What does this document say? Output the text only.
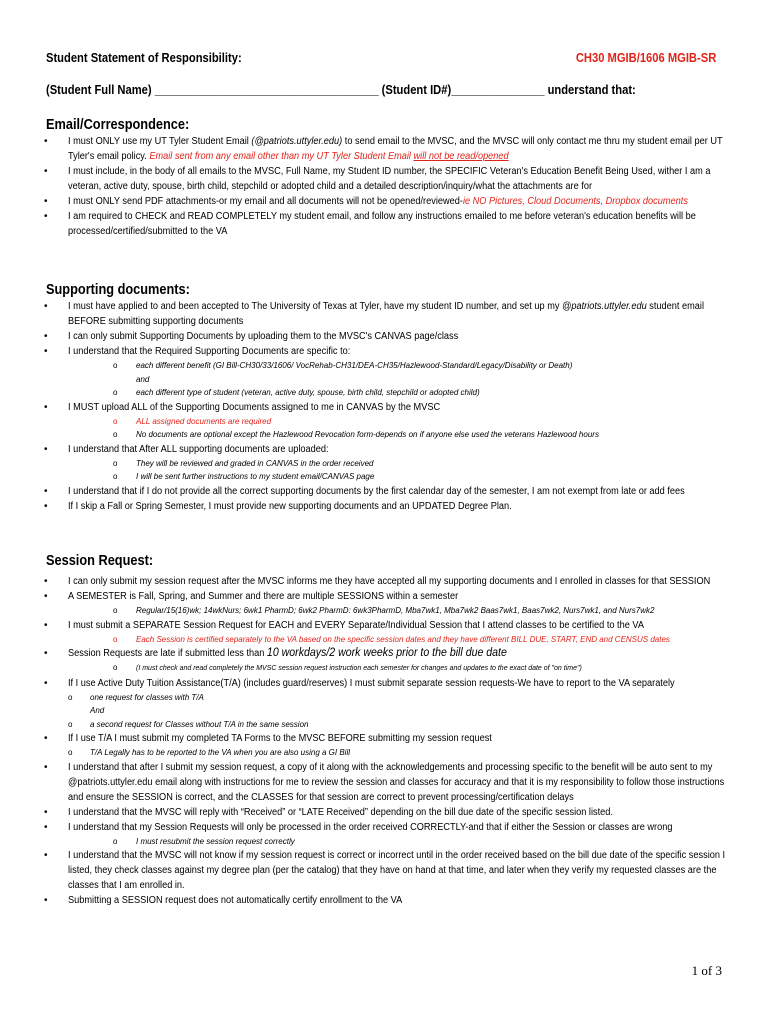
Student Statement of Responsibility:	CH30 MGIB/1606 MGIB-SR
(Student Full Name) ____________________________________ (Student ID#)_______________ understand that:
Email/Correspondence:
• I must ONLY use my UT Tyler Student Email (@patriots.uttyler.edu) to send email to the MVSC, and the MVSC will only contact me thru my student email per UT Tyler's email policy. Email sent from any email other than my UT Tyler Student Email will not be read/opened
• I must include, in the body of all emails to the MVSC, Full Name, my Student ID number, the SPECIFIC Veteran's Education Benefit Being Used, wither I am a veteran, active duty, spouse, birth child, stepchild or adopted child and a detailed description/inquiry/what the attachments are for
• I must ONLY send PDF attachments-or my email and all documents will not be opened/reviewed-ie NO Pictures, Cloud Documents, Dropbox documents
• I am required to CHECK and READ COMPLETELY my student email, and follow any instructions emailed to me before veteran's education benefits will be processed/certified/submitted to the VA
Supporting documents:
• I must have applied to and been accepted to The University of Texas at Tyler, have my student ID number, and set up my @patriots.uttyler.edu student email BEFORE submitting supporting documents
• I can only submit Supporting Documents by uploading them to the MVSC's CANVAS page/class
• I understand that the Required Supporting Documents are specific to:
o each different benefit (GI Bill-CH30/33/1606/ VocRehab-CH31/DEA-CH35/Hazlewood-Standard/Legacy/Disability or Death)
and
o each different type of student (veteran, active duty, spouse, birth child, stepchild or adopted child)
• I MUST upload ALL of the Supporting Documents assigned to me in CANVAS by the MVSC
o ALL assigned documents are required
o No documents are optional except the Hazlewood Revocation form-depends on if anyone else used the veterans Hazlewood hours
• I understand that After ALL supporting documents are uploaded:
o They will be reviewed and graded in CANVAS in the order received
o I will be sent further instructions to my student email/CANVAS page
• I understand that if I do not provide all the correct supporting documents by the first calendar day of the semester, I am not exempt from late or add fees
• If I skip a Fall or Spring Semester, I must provide new supporting documents and an UPDATED Degree Plan.
Session Request:
• I can only submit my session request after the MVSC informs me they have accepted all my supporting documents and I enrolled in classes for that SESSION
• A SEMESTER is Fall, Spring, and Summer and there are multiple SESSIONS within a semester
o Regular/15(16)wk; 14wkNurs; 6wk1 PharmD; 6wk2 PharmD: 6wk3PharmD, Mba7wk1, Mba7wk2 Baas7wk1, Baas7wk2, Nurs7wk1, and Nurs7wk2
• I must submit a SEPARATE Session Request for EACH and EVERY Separate/Individual Session that I attend classes to be certified to the VA
o Each Session is certified separately to the VA based on the specific session dates and they have different BILL DUE, START, END and CENSUS dates
• Session Requests are late if submitted less than 10 workdays/2 work weeks prior to the bill due date
o	(I must check and read completely the MVSC session request instruction each semester for changes and updates to the exact date of "on time")
• If I use Active Duty Tuition Assistance(T/A) (includes guard/reserves) I must submit separate session requests-We have to report to the VA separately
o one request for classes with T/A
And
o a second request for Classes without T/A in the same session
• If I use T/A I must submit my completed TA Forms to the MVSC BEFORE submitting my session request
o T/A Legally has to be reported to the VA when you are also using a GI Bill
• I understand that after I submit my session request, a copy of it along with the acknowledgements and processing specific to the benefit will be auto sent to my @patriots.uttyler.edu email along with instructions for me to review the session and classes for accuracy and that it is my responsibility to follow those instructions and ensure the SESSION is correct, and the CLASSES for that session are correct to prevent processing/certification delays
• I understand that the MVSC will reply with “Received” or “LATE Received” depending on the bill due date of the specific session listed.
• I understand that my Session Requests will only be processed in the order received CORRECTLY-and that if either the Session or classes are wrong
o I must resubmit the session request correctly
• I understand that the MVSC will not know if my session request is correct or incorrect until in the order received based on the bill due date of the specific session I listed, they check classes against my degree plan (per the catalog) that they have on hand at that time, and later when they verify my requested classes are the classes that I am enrolled in.
• Submitting a SESSION request does not automatically certify enrollment to the VA
1 of 3
